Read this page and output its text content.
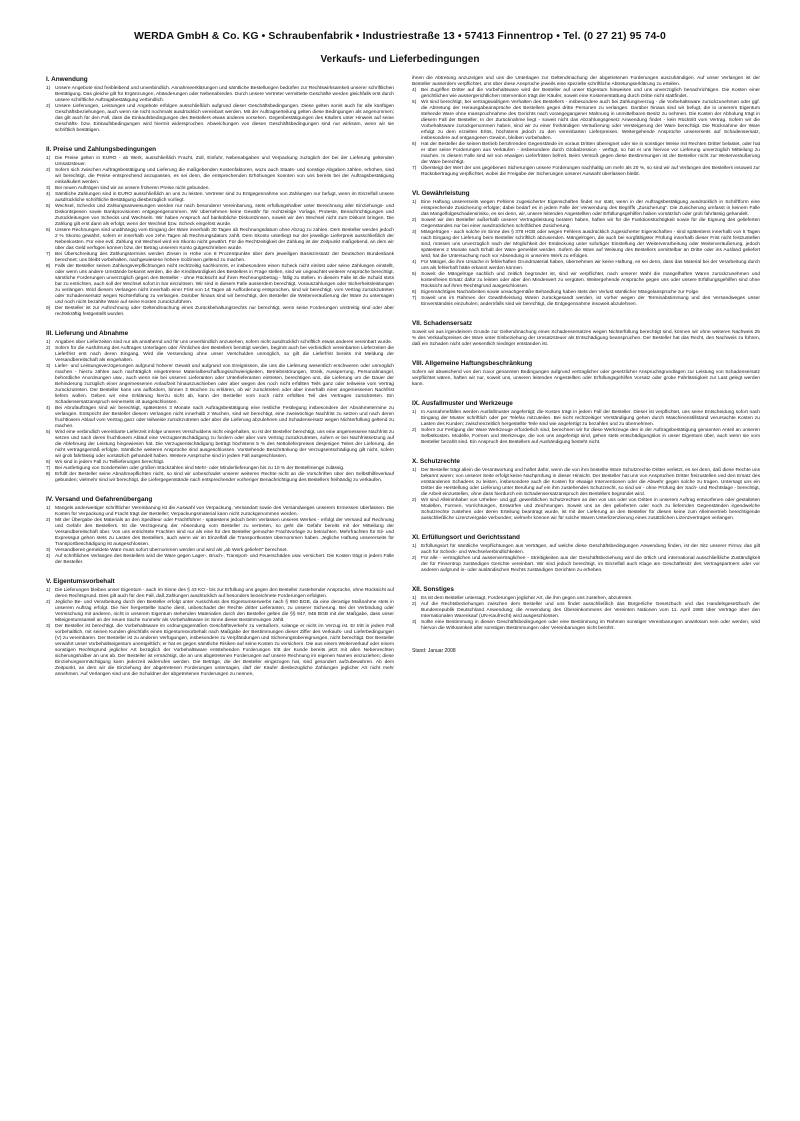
WERDA GmbH & Co. KG • Schraubenfabrik • Industriestraße 13 • 57413 Finnentrop • Tel. (0 27 21) 95 74-0
Verkaufs- und Lieferbedingungen
I. Anwendung
1) Unsere Angebote sind freibleibend und unverbindlich. Annahmeerklärungen und sämtliche Bestellungen bedürfen zur Rechtswirksamkeit unserer schriftlichen Bestätigung. Das gleiche gilt für Ergänzungen, Abänderungen oder Nebenabreden. Durch unsere Vertreter vermittelte Geschäfte werden gleichfalls erst durch unsere schriftliche Auftragsbestätigung verbindlich.
2) Unsere Lieferungen, Leistungen und Angebote erfolgen ausschließlich aufgrund dieser Geschäftsbedingungen. Diese gelten somit auch für alle künftigen Geschäftsbeziehungen, auch wenn sie nicht nochmals ausdrücklich vereinbart werden. Mit der Auftragserteilung gelten diese Bedingungen als angenommen; das gilt auch für den Fall, dass die Einkaufsbedingungen des Bestellers etwas anderes vorsehen. Gegenbestätigungen des Käufers unter Hinweis auf seine Geschäfts- bzw. Einkaufsbedingungen wird hiermit widersprochen. Abweichungen von diesen Geschäftsbedingungen sind nur wirksam, wenn wir sie schriftlich bestätigen.
II. Preise und Zahlungsbedingungen
1) Die Preise gelten in EURO - ab Werk, ausschließlich Fracht, Zoll, Einfuhr, Nebenabgaben und Verpackung zuzüglich der bei der Lieferung geltenden Umsatzsteuer.
2) Sofern sich zwischen Auftragsbestätigung und Lieferung die maßgebenden Kostenfaktoren, wozu auch Staats- und sonstige Abgaben zählen, erhöhen, sind wir berechtigt, die Preise entsprechend anzupassen, es sei denn, die entsprechenden Erhöhungen konnten von uns bereits bei der Auftragsbestätigung einkalkuliert werden.
3) Bei neuen Aufträgen sind wir an unsere früheren Preise nicht gebunden.
4) Sämtliche Zahlungen sind in EURO ausschließlich an uns zu leisten. Vertreter sind zu Entgegennahme von Zahlungen nur befugt, wenn im Einzelfall unsere ausdrückliche schriftliche Bestätigung diesbezüglich vorliegt.
5) Wechsel, Schecks und Zahlungsanweisungen werden nur nach besonderer Vereinbarung, stets erfüllungshalber unter Berechnung aller Einziehungs- und Diskontspesen sowie Bankprovisionen entgegengenommen. Wir übernehmen keine Gewähr für rechtzeitige Vorlage, Proteste, Benachrichtigungen und Zurückleitungen von Schecks und Wechseln. Wir haben Anspruch auf bankübliche Diskontzinsen, soweit wir den Wechsel nicht zum Diskont bringen. Die Zahlung gilt erst dann als erfolgt, wenn der Wechsel bzw. Scheck eingelöst wurde.
6) Unsere Rechnungen sind unabhängig vom Eingang der Ware innerhalb 30 Tagen ab Rechnungsdatum ohne Abzug zu zahlen. Dem Besteller werden jedoch 2 % Skonto gewährt, sofern er innerhalb von zehn Tagen ab Rechnungsdatum zahlt. Dem Skonto unterliegt nur der jeweilige Lieferpreis ausschließlich der Nebenkosten. Für eine evtl. Zahlung mit Wechsel wird ein Skonto nicht gewährt. Für die Rechtzeitigkeit der Zahlung ist der Zeitpunkt maßgebend, an dem wir über das Geld verfügen können bzw. der Betrag unserem Konto gutgeschrieben wurde.
7) Bei Überschreitung des Zahlungstermins werden Zinsen in Höhe von 8 Prozentpunkte über dem jeweiligen Basiszinssatz der Deutschen Bundesbank berechnet; uns bleibt vorbehalten, nachgewiesene höhere Solzinsen geltend zu machen.
8) Falls der Besteller seinen Zahlungsverpflichtungen nicht rechtzeitig nachkommt, er insbesondere einen Scheck nicht einlöst oder seine Zahlungen einstellt, oder wenn uns andere Umstände bekannt werden, die die Kreditwürdigkeit des Bestellers in Frage stellen, sind wir ungeachtet weiterer Ansprüche berechtigt, sämtliche Forderungen unverzüglich gegen den Besteller - ohne Rücksicht auf ihren Rechnungsbetrag - fällig zu stellen. In diesem Falle ist die Schuld stets bar zu entrichten, auch soll der Wechsel sofort in bar einzulösen. Wir sind in diesem Falle ausserdem berechtigt, Vorauszahlungen oder Sicherheitsleistungen zu verlangen. Wird diesem Verlangen nicht innerhalb einer Frist von 14 Tagen ab Aufforderung entsprochen, sind wir berechtigt, vom Vertrag zurückzutreten oder Schadensersatz wegen Nichterfüllung zu verlangen. Darüber hinaus sind wir berechtigt, den Besteller die Weiterveräußerung der Ware zu untersagen und noch nicht bezahlte Ware auf seine Kosten zurückzuführen.
9) Der Besteller ist zur Aufrechnung oder Geltendmachung eines Zurückbehaltungsrechts nur berechtigt, wenn seine Forderungen unstreitig sind oder aber rechtskräftig festgestellt wurden.
III. Lieferung und Abnahme
1) Angaben über Lieferzeiten sind nur als annähernd und für uns unverbindlich anzusehen, sofern nicht ausdrücklich schriftlich etwas anderes vereinbart wurde.
2) Sofern für die Ausführung des Auftrages Unterlagen oder Ähnliches des Bestellers benötigt werden, beginnt auch bei verbindlich vereinbarten Lieferzeiten die Lieferfrist erst nach deren Eingang. Wird die Versendung ohne unser Verschulden unmöglich, so gilt die Lieferfrist bereits mit Meldung der Versandbereitschaft als eingehalten.
3) Liefer- und Leistungsverzögerungen aufgrund höherer Gewalt und aufgrund von Ereignissen, die uns die Lieferung wesentlich erschweren oder unmöglich machen - hierzu zählen auch nachträglich eingetretene Materialbeschaffungsschwierigkeiten, Betriebsstörungen, Streik, Aussperrung, Personalmangel, behördliche Anordnungen usw., auch wenn sie bei unseren Lieferanten oder Unterlieferanten eintreten, berechtigen uns, die Lieferung um die Dauer der Behinderung zuzüglich einer angemessenen Anlaufzeit hinauszuschieben oder aber wegen des noch nicht erfüllten Teils ganz oder teilweise vom Vertrag zurückzutreten. Der Besteller kann uns auffordern, binnen 3 Wochen zu erklären, ob wir zurücktreten oder aber innerhalb einer angemessenen Nachfrist liefern wollen. Geben wir eine Erklärung hierzu nicht ab, kann der Besteller vom noch nicht erfüllten Teil des Vertrages zurücktreten. Ein Schadensersatzanspruch seinerseits ist ausgeschlossen.
4) Bei Abrufaufträgen sind wir berechtigt, spätestens 3 Monate nach Auftragsbestätigung eine restliche Festlegung insbesondere der Abnahmetermine zu verlangen. Entspricht der Besteller diesem Verlangen nicht innerhalb 2 Wochen, sind wir berechtigt, eine zweiwöchige Nachfrist zu setzen und nach deren fruchtlosem Ablauf vom Vertrag ganz oder teilweise zurückzutreten oder aber die Lieferung abzulehnen und Schadensersatz wegen Nichterfüllung geltend zu machen.
5) Wird eine verbindlich vereinbarte Lieferzeit infolge unseres Verschuldens nicht eingehalten, so ist der Besteller berechtigt, uns eine angemessene Nachfrist zu setzen und nach deren fruchtlosem Ablauf eine Verzugsentschädigung zu fordern oder aber vom Vertrag zurückzutreten, sofern er bei Nachfristsetzung auf die Ablehnung der Leistung hingewiesen hat. Die Verzugsentschädigung beträgt höchstens 5 % des Nettolieferpreises desjenigen Teiles der Lieferung, die nicht vertragsgemäß erfolgte. Sämtliche weiteren Ansprüche sind ausgeschlossen. Vorstehende Beschränkung der Verzugsentschädigung gilt nicht, sofern wir grob fahrlässig oder vorsätzlich gehandelt haben. Weitere Ansprüche sind in jedem Fall ausgeschlossen.
6) Wir sind in jedem Fall zu Teillieferungen berechtigt.
7) Bei Ausfertigung von Sonderteilen oder größen Stückzahlen sind Mehr- oder Minderlieferungen bis zu 10 % der Bestellmenge zulässig.
8) Erfüllt der Besteller seine Abnahmepflichten nicht, so sind wir unbeschadet unserer weiteren Rechte nicht an die Vorschriften über den Selbsthilfeverkauf gebunden; vielmehr sind wir berechtigt, die Liefergegenstände nach entsprechender vorheriger Benachrichtigung des Bestellers freihändig zu verkaufen.
IV. Versand und Gefahrenübergang
1) Mangels anderweitiger schriftlicher Vereinbarung ist die Auswahl von Verpackung, Versandart sowie des Versandweges unserem Ermessen überlassen. Die Kosten für Verpackung und Fracht trägt der Besteller; Verpackungsmaterial kann nicht zurückgenommen werden.
2) Mit der Übergabe des Materials an den Spediteur oder Frachtführer - spätestens jedoch beim Verlassen unseres Werkes - erfolgt der Versand auf Rechnung und Gefahr des Bestellers. Ist die Verzögerung der Absendung vom Besteller zu vertreten, so geht die Gefahr bereits mit der Mitteilung der Versandbereitschaft über. Von uns entrichtete Frachten sind nur als eine für den Besteller gemachte Frachtvorlage zu betrachten. Mehrfrachten für Eil- und Expressgut gehen stets zu Lasten des Bestellers, auch wenn wir im Einzelfall die Transportkosten übernommen haben. Jegliche Haftung unsererseits für Transportbeschädigung ist ausgeschlossen.
3) Versandbereit gemeldete Ware muss sofort übernommen werden und wird als „ab Werk geliefert" berechnet.
4) Auf schriftliches Verlangen des Bestellers wird die Ware gegen Lager-, Bruch-, Transport- und Feuerschäden usw. versichert. Die Kosten trägt in jedem Falle der Besteller.
V. Eigentumsvorbehalt
1) Die Lieferungen bleiben unser Eigentum - auch im Sinne des § 43 KO - bis zur Erfüllung uns gegen den Besteller zustehender Ansprüche, ohne Rücksicht auf deren Rechtsgrund. Dies gilt auch für den Fall, daß Zahlungen ausdrücklich auf besonders bezeichnete Forderungen erfolgten.
2) Jegliche Be- und Verarbeitung durch den Besteller erfolgt unter Ausschluss des Eigentumserwerbs nach § 950 BGB, da eine derartige Maßnahme stets in unserem Auftrag erfolgt. Die hier hergestellte Sache dient, unbeschadet der Rechte dritter Lieferanten, zu unserer Sicherung. Bei der Verbindung oder Vermischung mit anderen, nicht in unserem Eigentum stehenden Materialien durch den Besteller gelten die §§ 947, 948 BGB mit der Maßgabe, dass unser Miteigentumsanteil an der neuen Sache nunmehr als Vorbehaltsware im Sinne dieser Bestimmungen zählt.
3) Der Besteller ist berechtigt, die Vorbehaltsware im ordnungsgemäßen Geschäftsverkehr zu veräußern, solange er nicht im Verzug ist. Er tritt in jedem Fall vorbehaltlich, mit seinen Kunden gleichfalls einen Eigentumsvorbehalt nach Maßgabe der Bestimmungen dieser Ziffer des Verkaufs- und Lieferbedingungen (V) zu vereinbaren. Der Besteller ist zu anderen Verfügungen, insbesondere zu Verpfändungen und Sicherungsübereignungen, nicht berechtigt. Der Besteller verwahrt unser Vorbehaltseigentum unentgeltlich; er hat es gegen sämtliche Risiken auf seine Kosten zu versichern. Die aus einem Weiterverkauf oder einem sonstigen Rechtsgrund jeglicher Art bezüglich der Vorbehaltsware entstehenden Forderungen tritt der Kunde bereits jetzt mit allen Nebenrechten sicherungshalber an uns ab. Der Besteller ist ermächtigt, die an uns abgetretenen Forderungen auf unsere Rechnung im eigenen Namen einzuziehen; diese Einziehungsermächtigung kann jederzeit widerrufen werden. Die Beträge, die der Besteller eingezogen hat, sind gesondert aufzubewahren. Ab dem Zeitpunkt, an dem wir die Einziehung der abgetretenen Forderungen untersagen, darf der Käufer diesbezügliche Zahlungen jeglicher Art nicht mehr annehmen. Auf Verlangen sind uns die Schuldner der abgetretenen Forderungen zu nennen,
ihnen die Abtretung anzuzeigen und uns die Unterlagen zur Geltendmachung der abgetretenen Forderungen auszuhändigen. Auf unser Verlangen ist der Besteller ausserdem verpflichtet, uns über diese Ansprüche jeweils eine spezielle schriftliche Abtretungserklärung zu erteilen.
4) Bei Zugriffen Dritter auf die Vorbehaltsware wird der Besteller auf unser Eigentum hinweisen und uns unverzüglich benachrichtigen. Die Kosten einer gerichtlichen wie aussergerichtlichen Intervention trägt der Käufer, soweit eine Kostenerstattung durch Dritte nicht stattfindet.
5) Wir sind berechtigt, bei vertragswidrigem Verhalten des Bestellers - insbesondere auch bei Zahlungsverzug - die Vorbehaltsware zurückzunehmen oder ggf. die Abtretung der Herausgabeansprüche des Bestellers gegen dritte Personen zu verlangen. Darüber hinaus sind wir befugt, die in unserem Eigentum stehende Ware ohne Inanspruchnahme des Gerichts nach vorangegangener Mahnung in unmittelbaren Besitz zu nehmen. Die Kosten der Abholung trägt in diesem Fall der Besteller. In der Zurücknahme liegt - soweit nicht das Abzahlungsgesetz Anwendung findet - kein Rücktritt vom Vertrag. Sofern wir die Vorbehaltsware zurückgenommen haben, sind wir zu einer freihändigen Veräußerung oder Versteigerung der Ware berechtigt. Die Rücknahme der Ware erfolgt zu dem erzielten Erlös, höchstens jedoch zu den vereinbarten Lieferpreisen. Weitergehende Ansprüche unsererseits auf Schadensersatz, insbesondere auf entgangenen Gewinn, bleiben vorbehalten.
6) Hat der Besteller die seinen Betrieb berührenden Gegenstände im voraus Dritten übereignet oder sie in sonstiger Weise mit Rechten Dritter belastet, oder hat er über seine Forderungen aus Verkäufen - insbesondere durch Globalzession - verfügt, so hat er uns hiervon vor Lieferung unverzüglich Mitteilung zu machen. In diesem Falle sind wir von etwaigen Lieferfristen befreit. Beim Verstoß gegen diese Bestimmungen ist der Besteller nicht zur Weiterveräußerung der Ware berechtigt.
7) Übersteigt der Wert der uns gegebenen Sicherungen unsere Forderungen nachhaltig um mehr als 20 %, so sind wir auf Verlangen des Bestellers insoweit zur Rückübertragung verpflichtet, wobei die Freigabe der Sicherungen unserer Auswahl überlassen bleibt.
VI. Gewährleistung
1) Eine Haftung unsererseits wegen Fehlens zugesicherter Eigenschaften findet nur statt, wenn in der Auftragsbestätigung ausdrücklich in Schriftform eine entsprechende Zusicherung erfolgte; dabei bedarf es in jedem Falle der Verwendung des Begriffs „Zusicherung". Die Zusicherung umfasst in keinem Falle das Mangelfolgeschadensrisiko, es sei denn, wir, unsere leitenden Angestellten oder Erfüllungsgehilfen haben vorsätzlich oder grob fahrlässig gehandelt.
2) Soweit wir den Besteller außerhalb unserer Vertragsleistung beraten haben, haften wir für die Funktionstüchtigkeit sowie für die Eignung des gelieferten Gegenstandes nur bei einer ausdrücklichen schriftlichen Zusicherung.
3) Mängelrügen - auch solche im Sinne des § 378 HGB oder wegen Fehlens ausdrücklich zugesicherter Eigenschaften - sind spätestens innerhalb von 5 Tagen nach Eingang der Lieferung beim Besteller schriftlich abzusenden. Mängelrügen, die auch bei sorgfältigster Prüfung innerhalb dieser Frist nicht festzustellen sind, müssen uns unverzüglich nach der Möglichkeit der Entdeckung unter sofortiger Einstellung der Weiterverarbeitung oder Weiterveräußerung, jedoch spätestens 2 Monate nach Erhalt der Ware gemeldet werden. Sofern die Ware auf Weisung des Bestellers unmittelbar an Dritte oder ins Ausland geliefert wird, hat die Untersuchung noch vor Absendung in unserem Werk zu erfolgen.
4) Für Mängel, die ihre Ursache in fehlerhaften Grundmaterial haben, übernehmen wir keine Haftung, es sei denn, dass das Material bei der Verarbeitung durch uns als fehlerhaft hätte erkannt werden können.
5) Soweit die Mängelrüge sachlich und zeitlich begründet ist, sind wir verpflichtet, nach unserer Wahl die mangelhaften Waren zurückzunehmen und kostenfreien Ersatz dafür zu leisten oder aber den Minderwert zu vergüten. Weitergehende Ansprüche gegen uns oder unsere Erfüllungsgehilfen sind ohne Rücksicht auf ihren Rechtsgrund ausgeschlossen.
6) Eigenmächtiges Nacharbeiten sowie unsachgemäße Behandlung haben stets den Verlust sämtlicher Mängelansprüche zur Folge.
7) Soweit uns im Rahmen der Gewährleistung Waren zurückgesandt werden, ist vorher wegen der Terminabstimmung und des Versandweges unser Einverständnis einzuholen; andernfalls sind wir berechtigt, die Entgegennahme insoweit abzulehnen.
VII. Schadensersatz
Soweit wir aus irgendeinem Grunde zur Geltendmachung eines Schadensersatzes wegen Nichterfüllung berechtigt sind, können wir ohne weiteren Nachweis 25 % des Verkaufspreises der Ware unter Einbeziehung der Umsatzsteuer als Entschädigung beanspruchen. Der Besteller hat das Recht, den Nachweis zu führen, daß ein Schaden nicht oder wesentlich niedriger entstanden ist.
VIII. Allgemeine Haftungsbeschränkung
Sofern wir abweichend von den zuvor genannten Bedingungen aufgrund vertraglicher oder gesetzlicher Anspruchsgrundlagen zur Leistung von Schadensersatz verpflichtet wären, haften wir nur, soweit uns, unseren leitenden Angestellten oder Erfüllungsgehilfen Vorsatz oder grobe Fahrlässigkeit zur Last gelegt werden kann.
IX. Ausfallmuster und Werkzeuge
1) In Ausnahmefällen werden Ausfallmuster angefertigt; die Kosten trägt in jedem Fall der Besteller. Dieser ist verpflichtet, uns seine Entscheidung sofort nach Eingang der Muster schriftlich oder per Telefax mitzuteilen. Bei nicht rechtzeitiger Verständigung gehen durch Maschinenstillstand verursachte Kosten zu Lasten des Kunden; zwischenzeitlich hergestellte Teile sind wie angefertigt zu bezahlen und zu übernehmen.
2) Sofern zur Fertigung der Ware Werkzeuge erforderlich sind, berechnen wir für diese Werkzeuge den in der Auftragsbestätigung genannten Anteil an unseren Selbstkosten. Modelle, Formen und Werkzeuge, die von uns angefertigt sind, gehen stets entschädigungslos in unser Eigentum über, auch wenn sie vom Besteller bezahlt sind. Ein Anspruch des Bestellers auf Aushändigung besteht nicht.
X. Schutzrechte
1) Der Besteller trägt allein die Verantwortung und haftet dafür, wenn die von ihm bestellte Ware Schutzrechte Dritter verletzt, es sei denn, daß diese Rechte uns bekannt waren; von unserer Seite erfolgt keine Nachprüfung in dieser Hinsicht. Der Besteller hat uns von Ansprüchen Dritter freizustellen und den Ersatz des entstandenen Schadens zu leisten, insbesondere auch die Kosten für etwaige Interventionen oder die Abwehr gegen solche zu tragen. Untersagt uns ein Dritter die Herstellung oder Lieferung unter Berufung auf ein ihm zustehendes Schutzrecht, so sind wir - ohne Prüfung der Sach- und Rechtslage - berechtigt, die Arbeit einzustellen, ohne dass hierdurch ein Schadensersatzanspruch des Bestellers begründet wird.
2) Wir sind Alleininhaber von Urheber- und ggf. gewerblichen Schutzrechten an den von uns oder von Dritten in unserem Auftrag entworfenen oder gestalteten Modellen, Formen, Vorrichtungen, Entwürfen und Zeichnungen. Soweit uns an den gelieferten oder noch zu liefernden Gegenständen irgendwelche Schutzrechte zustehen oder deren Erteilung beantragt wurde, ist mit der Lieferung an den Besteller für diesen keine zum Alleinvertrieb berechtigende ausschließliche Lizenzvergabe verbunden; vielmehr können wir für solche Waren Unterlizenzierung eines zusätzlichen Lizenzvertrages verlangen.
XI. Erfüllungsort und Gerichtsstand
1) Erfüllungsort für sämtliche Verpflichtungen aus Verträgen, auf welche diese Geschäftsbedingungen Anwendung finden, ist der Sitz unserer Firma; das gilt auch für Scheck- und Wechselverbindlichkeiten.
2) Für alle - vertraglichen und aussenvertraglichen - Streitigkeiten aus der Geschäftsbeziehung wird die örtlich und international ausschließliche Zuständigkeit der für Finnentrop zuständigen Gerichte vereinbart. Wir sind jedoch berechtigt, im Einzelfall auch Klage am Geschäftssitz des Vertragspartners oder vor anderen aufgrund in- oder ausländischen Rechts zuständigen Gerichten zu erheben.
XII. Sonstiges
1) Es ist dem Besteller untersagt, Forderungen jeglicher Art, die ihm gegen uns zustehen, abzutreten.
2) Auf die Rechtsbeziehungen zwischen dem Besteller und uns findet ausschließlich das Bürgerliche Gesetzbuch und das Handelsgesetzbuch der Bundesrepublik Deutschland Anwendung; die Anwendung des Übereinkommens der Vereinten Nationen vom 11. April 1980 über Verträge über den Internationalen Warenkauf (UN-Kaufrecht) wird ausgeschlossen.
3) Sollte eine Bestimmung in diesen Geschäftsbedingungen oder eine Bestimmung im Rahmen sonstiger Vereinbarungen unwirksam sein oder werden, wird hiervon die Wirksamkeit aller sonstigen Bestimmungen oder Vereinbarungen nicht berührt.
Stand: Januar 2008
